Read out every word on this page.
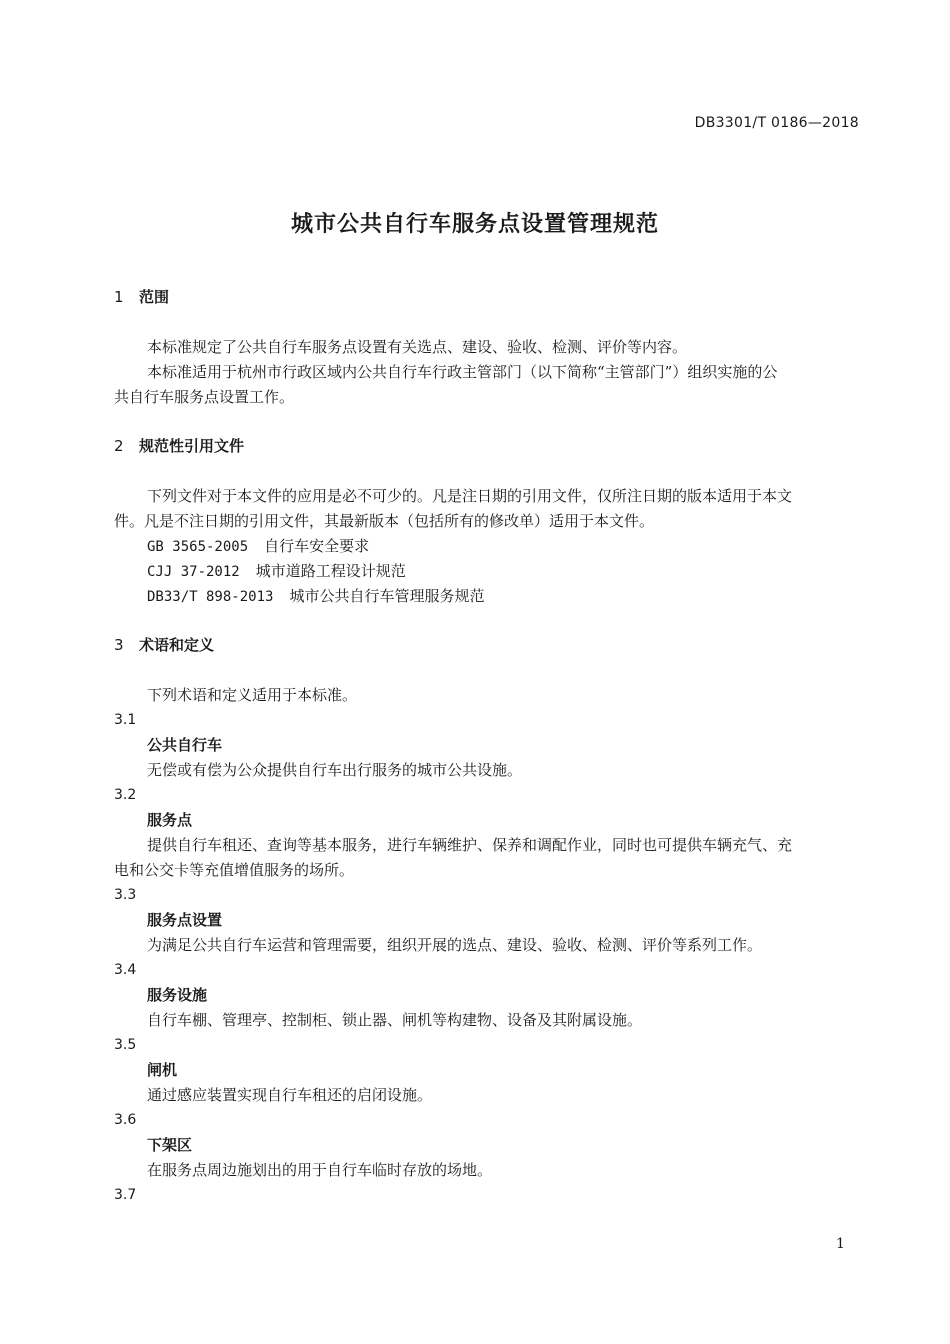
DB3301/T 0186—2018
城市公共自行车服务点设置管理规范
1 范围
本标准规定了公共自行车服务点设置有关选点、建设、验收、检测、评价等内容。
本标准适用于杭州市行政区域内公共自行车行政主管部门（以下简称“主管部门”）组织实施的公
共自行车服务点设置工作。
2 规范性引用文件
下列文件对于本文件的应用是必不可少的。凡是注日期的引用文件，仅所注日期的版本适用于本文
件。凡是不注日期的引用文件，其最新版本（包括所有的修改单）适用于本文件。
GB 3565-2005 自行车安全要求
CJJ 37-2012 城市道路工程设计规范
DB33/T 898-2013 城市公共自行车管理服务规范
3 术语和定义
下列术语和定义适用于本标准。
3.1
公共自行车
无偿或有偿为公众提供自行车出行服务的城市公共设施。
3.2
服务点
提供自行车租还、查询等基本服务，进行车辆维护、保养和调配作业，同时也可提供车辆充气、充
电和公交卡等充值增值服务的场所。
3.3
服务点设置
为满足公共自行车运营和管理需要，组织开展的选点、建设、验收、检测、评价等系列工作。
3.4
服务设施
自行车棚、管理亭、控制柜、锁止器、闸机等构建物、设备及其附属设施。
3.5
闸机
通过感应装置实现自行车租还的启闭设施。
3.6
下架区
在服务点周边施划出的用于自行车临时存放的场地。
3.7
1
